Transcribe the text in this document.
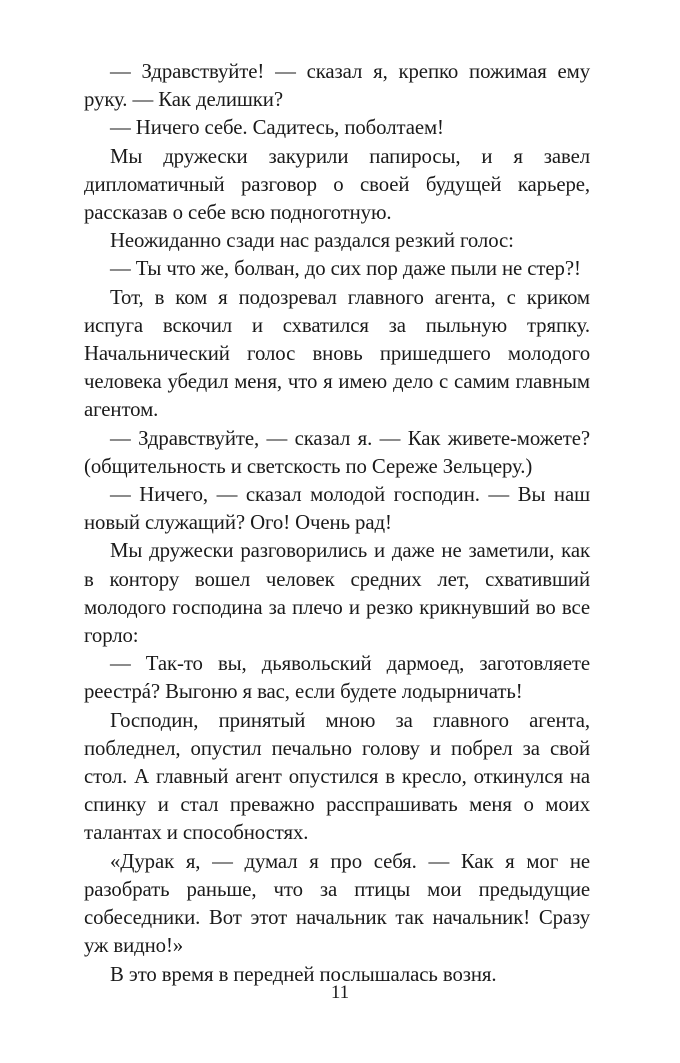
— Здравствуйте! — сказал я, крепко пожимая ему руку. — Как делишки?

— Ничего себе. Садитесь, поболтаем!

Мы дружески закурили папиросы, и я завел дипломатичный разговор о своей будущей карьере, рассказав о себе всю подноготную.

Неожиданно сзади нас раздался резкий голос:

— Ты что же, болван, до сих пор даже пыли не стер?!

Тот, в ком я подозревал главного агента, с криком испуга вскочил и схватился за пыльную тряпку. Начальнический голос вновь пришедшего молодого человека убедил меня, что я имею дело с самим главным агентом.

— Здравствуйте, — сказал я. — Как живете-можете? (общительность и светскость по Сереже Зельцеру.)

— Ничего, — сказал молодой господин. — Вы наш новый служащий? Ого! Очень рад!

Мы дружески разговорились и даже не заметили, как в контору вошел человек средних лет, схвативший молодого господина за плечо и резко крикнувший во все горло:

— Так-то вы, дьявольский дармоед, заготовляете реестрá? Выгоню я вас, если будете лодырничать!

Господин, принятый мною за главного агента, побледнел, опустил печально голову и побрел за свой стол. А главный агент опустился в кресло, откинулся на спинку и стал преважно расспрашивать меня о моих талантах и способностях.

«Дурак я, — думал я про себя. — Как я мог не разобрать раньше, что за птицы мои предыдущие собеседники. Вот этот начальник так начальник! Сразу уж видно!»

В это время в передней послышалась возня.

11
